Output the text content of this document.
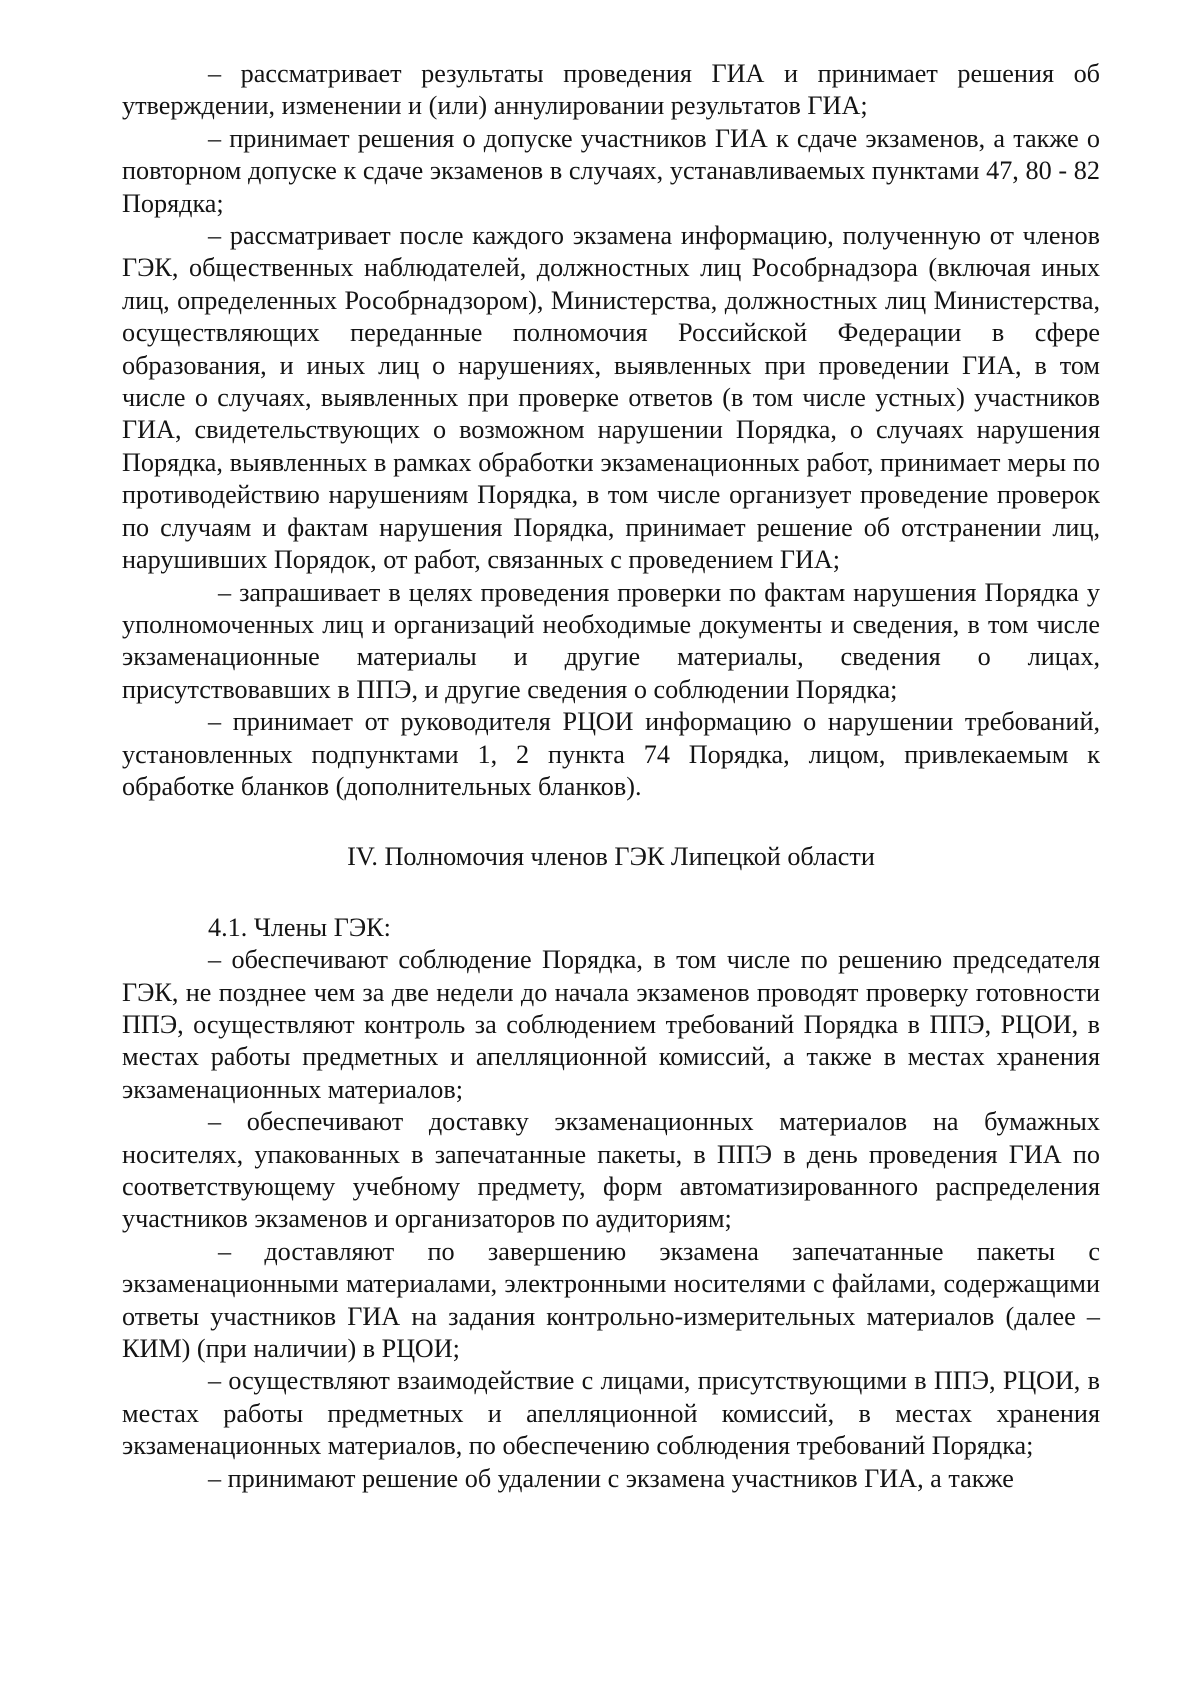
– рассматривает результаты проведения ГИА и принимает решения об утверждении, изменении и (или) аннулировании результатов ГИА;

– принимает решения о допуске участников ГИА к сдаче экзаменов, а также о повторном допуске к сдаче экзаменов в случаях, устанавливаемых пунктами 47, 80 - 82 Порядка;

– рассматривает после каждого экзамена информацию, полученную от членов ГЭК, общественных наблюдателей, должностных лиц Рособрнадзора (включая иных лиц, определенных Рособрнадзором), Министерства, должностных лиц Министерства, осуществляющих переданные полномочия Российской Федерации в сфере образования, и иных лиц о нарушениях, выявленных при проведении ГИА, в том числе о случаях, выявленных при проверке ответов (в том числе устных) участников ГИА, свидетельствующих о возможном нарушении Порядка, о случаях нарушения Порядка, выявленных в рамках обработки экзаменационных работ, принимает меры по противодействию нарушениям Порядка, в том числе организует проведение проверок по случаям и фактам нарушения Порядка, принимает решение об отстранении лиц, нарушивших Порядок, от работ, связанных с проведением ГИА;

– запрашивает в целях проведения проверки по фактам нарушения Порядка у уполномоченных лиц и организаций необходимые документы и сведения, в том числе экзаменационные материалы и другие материалы, сведения о лицах, присутствовавших в ППЭ, и другие сведения о соблюдении Порядка;

– принимает от руководителя РЦОИ информацию о нарушении требований, установленных подпунктами 1, 2 пункта 74 Порядка, лицом, привлекаемым к обработке бланков (дополнительных бланков).

IV. Полномочия членов ГЭК Липецкой области

4.1. Члены ГЭК:

– обеспечивают соблюдение Порядка, в том числе по решению председателя ГЭК, не позднее чем за две недели до начала экзаменов проводят проверку готовности ППЭ, осуществляют контроль за соблюдением требований Порядка в ППЭ, РЦОИ, в местах работы предметных и апелляционной комиссий, а также в местах хранения экзаменационных материалов;

– обеспечивают доставку экзаменационных материалов на бумажных носителях, упакованных в запечатанные пакеты, в ППЭ в день проведения ГИА по соответствующему учебному предмету, форм автоматизированного распределения участников экзаменов и организаторов по аудиториям;

– доставляют по завершению экзамена запечатанные пакеты с экзаменационными материалами, электронными носителями с файлами, содержащими ответы участников ГИА на задания контрольно-измерительных материалов (далее – КИМ) (при наличии) в РЦОИ;

– осуществляют взаимодействие с лицами, присутствующими в ППЭ, РЦОИ, в местах работы предметных и апелляционной комиссий, в местах хранения экзаменационных материалов, по обеспечению соблюдения требований Порядка;

– принимают решение об удалении с экзамена участников ГИА, а также
